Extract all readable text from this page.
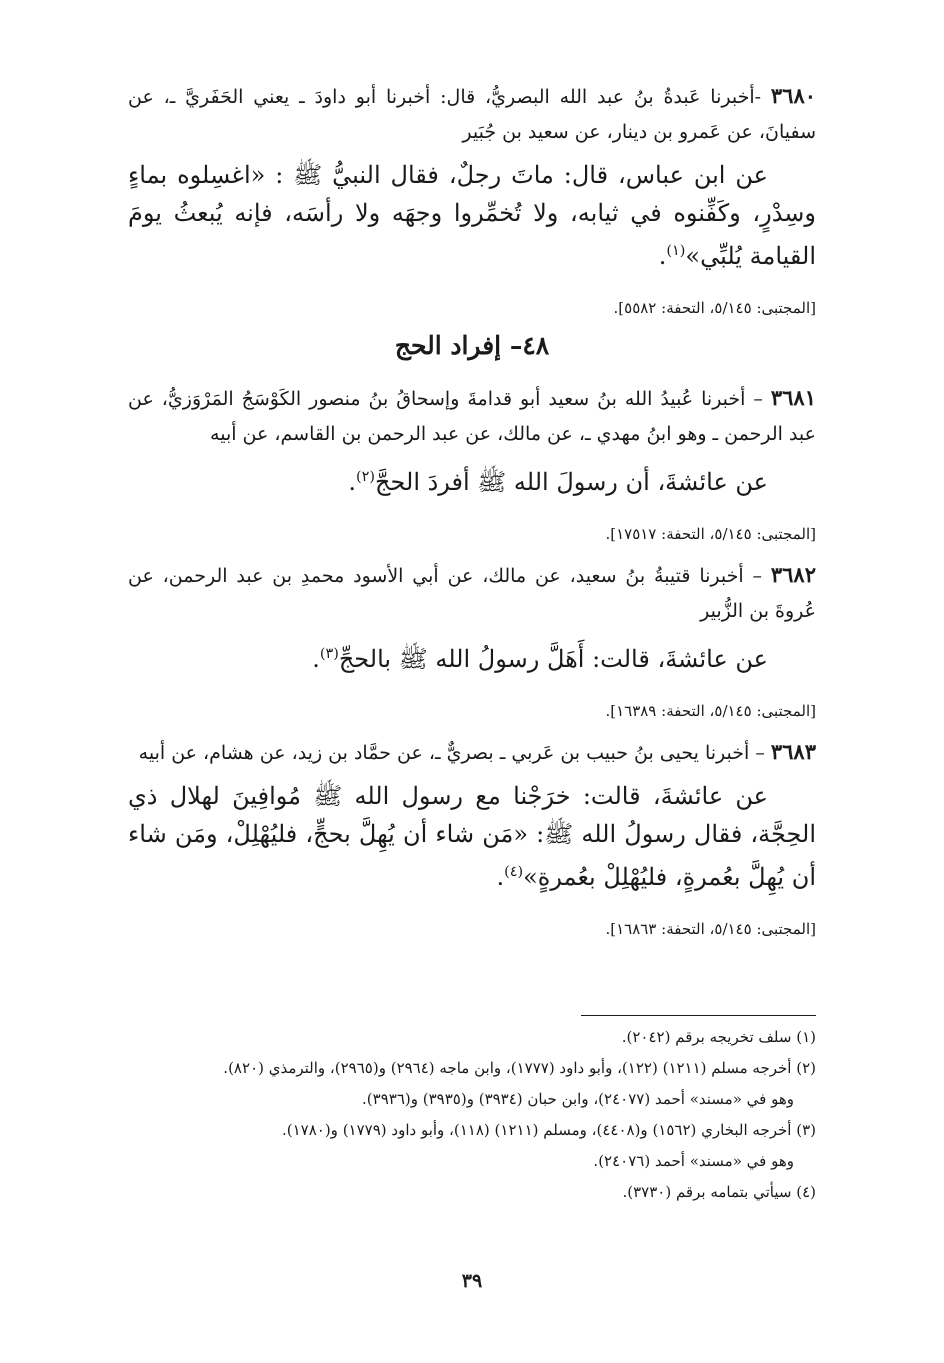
٣٦٨٠ -أخبرنا عَبدةُ بنُ عبد الله البصريُّ، قال: أخبرنا أبو داودَ ـ يعني الحَفَريَّ ـ، عن سفيانَ، عن عَمرو بن دينار، عن سعيد بن جُبَير

عن ابن عباس، قال: ماتَ رجلٌ، فقال النبيُّ ﷺ : «اغسِلوه بماءٍ وسِدْرٍ، وكَفِّنوه في ثيابه، ولا تُخمِّروا وجهَه ولا رأسَه، فإنه يُبعثُ يومَ القيامة يُلبِّي»$^{(١)}$.

[المجتبى: ٥/١٤٥، التحفة: ٥٥٨٢].

٤٨– إفراد الحج

٣٦٨١ – أخبرنا عُبيدُ الله بنُ سعيد أبو قدامةَ وإسحاقُ بنُ منصور الكَوْسَجُ المَرْوَزيُّ، عن عبد الرحمن ـ وهو ابنُ مهدي ـ، عن مالك، عن عبد الرحمن بن القاسم، عن أبيه

عن عائشةَ، أن رسولَ الله ﷺ أفردَ الحجَّ$^{(٢)}$.

[المجتبى: ٥/١٤٥، التحفة: ١٧٥١٧].

٣٦٨٢ – أخبرنا قتيبةُ بنُ سعيد، عن مالك، عن أبي الأسود محمدِ بن عبد الرحمن، عن عُروةَ بن الزُّبير

عن عائشةَ، قالت: أَهَلَّ رسولُ الله ﷺ بالحجِّ$^{(٣)}$.

[المجتبى: ٥/١٤٥، التحفة: ١٦٣٨٩].

٣٦٨٣ – أخبرنا يحيى بنُ حبيب بن عَربي ـ بصريٌّ ـ، عن حمَّاد بن زيد، عن هشام، عن أبيه

عن عائشةَ، قالت: خرَجْنا مع رسول الله ﷺ مُوافِينَ لهلال ذي الحِجَّة، فقال رسولُ الله ﷺ: «مَن شاء أن يُهِلَّ بحجٍّ، فليُهْلِلْ، ومَن شاء أن يُهِلَّ بعُمرةٍ، فليُهْلِلْ بعُمرةٍ»$^{(٤)}$.

[المجتبى: ٥/١٤٥، التحفة: ١٦٨٦٣].

(١) سلف تخريجه برقم (٢٠٤٢).
(٢) أخرجه مسلم (١٢١١) (١٢٢)، وأبو داود (١٧٧٧)، وابن ماجه (٢٩٦٤) و(٢٩٦٥)، والترمذي (٨٢٠).
وهو في «مسند» أحمد (٢٤٠٧٧)، وابن حبان (٣٩٣٤) و(٣٩٣٥) و(٣٩٣٦).
(٣) أخرجه البخاري (١٥٦٢) و(٤٤٠٨)، ومسلم (١٢١١) (١١٨)، وأبو داود (١٧٧٩) و(١٧٨٠).
وهو في «مسند» أحمد (٢٤٠٧٦).
(٤) سيأتي بتمامه برقم (٣٧٣٠).
٣٩
